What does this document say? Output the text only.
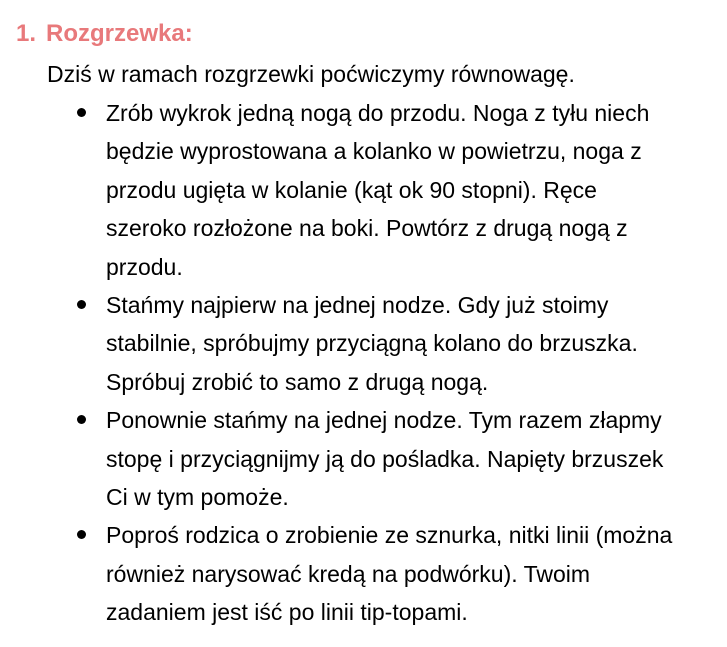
1. Rozgrzewka:
Dziś w ramach rozgrzewki poćwiczymy równowagę.
Zrób wykrok jedną nogą do przodu. Noga z tyłu niech
będzie wyprostowana a kolanko w powietrzu, noga z
przodu ugięta w kolanie (kąt ok 90 stopni). Ręce
szeroko rozłożone na boki. Powtórz z drugą nogą z
przodu.
Stańmy najpierw na jednej nodze. Gdy już stoimy
stabilnie, spróbujmy przyciągną kolano do brzuszka.
Spróbuj zrobić to samo z drugą nogą.
Ponownie stańmy na jednej nodze. Tym razem złapmy
stopę i przyciągnijmy ją do pośladka. Napięty brzuszek
Ci w tym pomoże.
Poproś rodzica o zrobienie ze sznurka, nitki linii (można
również narysować kredą na podwórku). Twoim
zadaniem jest iść po linii tip-topami.
